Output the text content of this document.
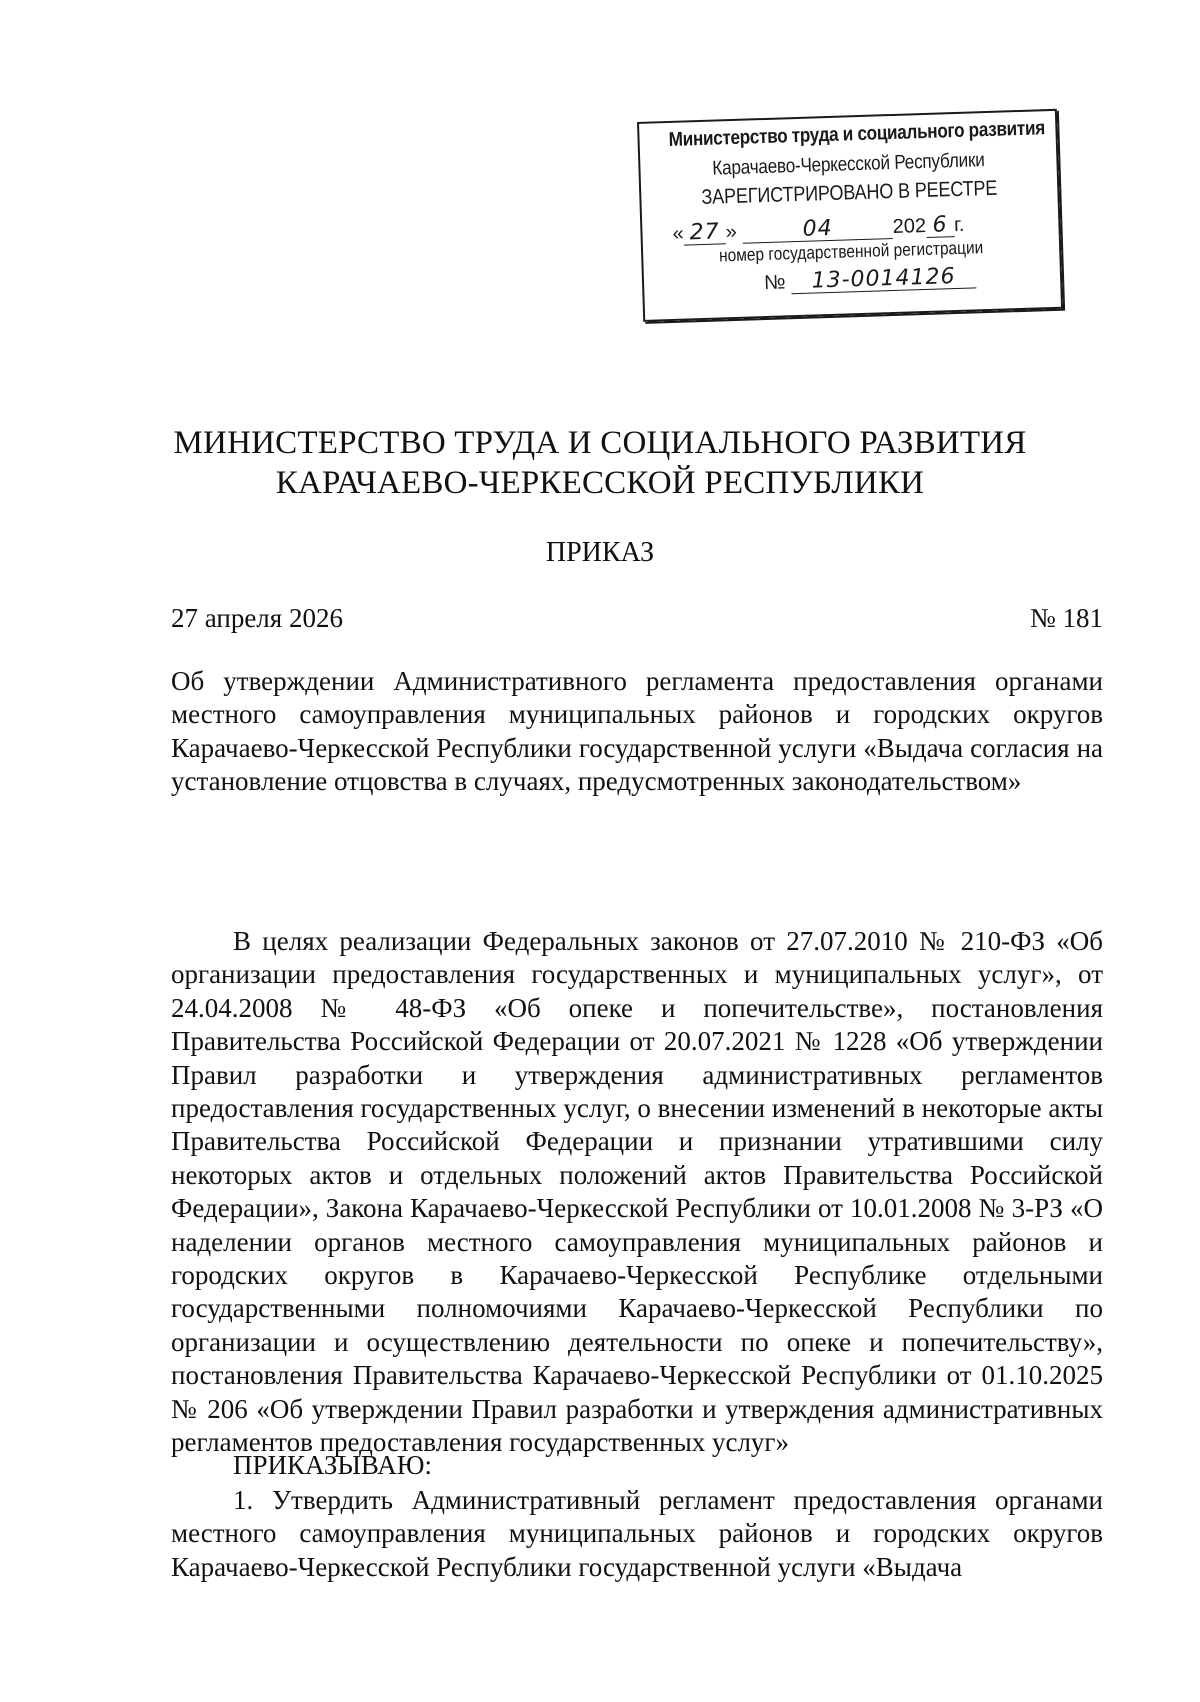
Министерство труда и социального развития
Карачаево-Черкесской Республики
ЗАРЕГИСТРИРОВАНО В РЕЕСТРЕ
« 27 »	04	202 6 г.
номер государственной регистрации
№ 13-0014126
МИНИСТЕРСТВО ТРУДА И СОЦИАЛЬНОГО РАЗВИТИЯ
КАРАЧАЕВО-ЧЕРКЕССКОЙ РЕСПУБЛИКИ
ПРИКАЗ
27 апреля 2026	№ 181
Об утверждении Административного регламента предоставления органами местного самоуправления муниципальных районов и городских округов Карачаево-Черкесской Республики государственной услуги «Выдача согласия на установление отцовства в случаях, предусмотренных законодательством»
В целях реализации Федеральных законов от 27.07.2010 № 210-ФЗ «Об организации предоставления государственных и муниципальных услуг», от 24.04.2008 № 48-ФЗ «Об опеке и попечительстве», постановления Правительства Российской Федерации от 20.07.2021 № 1228 «Об утверждении Правил разработки и утверждения административных регламентов предоставления государственных услуг, о внесении изменений в некоторые акты Правительства Российской Федерации и признании утратившими силу некоторых актов и отдельных положений актов Правительства Российской Федерации», Закона Карачаево-Черкесской Республики от 10.01.2008 № 3-РЗ «О наделении органов местного самоуправления муниципальных районов и городских округов в Карачаево-Черкесской Республике отдельными государственными полномочиями Карачаево-Черкесской Республики по организации и осуществлению деятельности по опеке и попечительству», постановления Правительства Карачаево-Черкесской Республики от 01.10.2025 № 206 «Об утверждении Правил разработки и утверждения административных регламентов предоставления государственных услуг»
ПРИКАЗЫВАЮ:
1. Утвердить Административный регламент предоставления органами местного самоуправления муниципальных районов и городских округов Карачаево-Черкесской Республики государственной услуги «Выдача
